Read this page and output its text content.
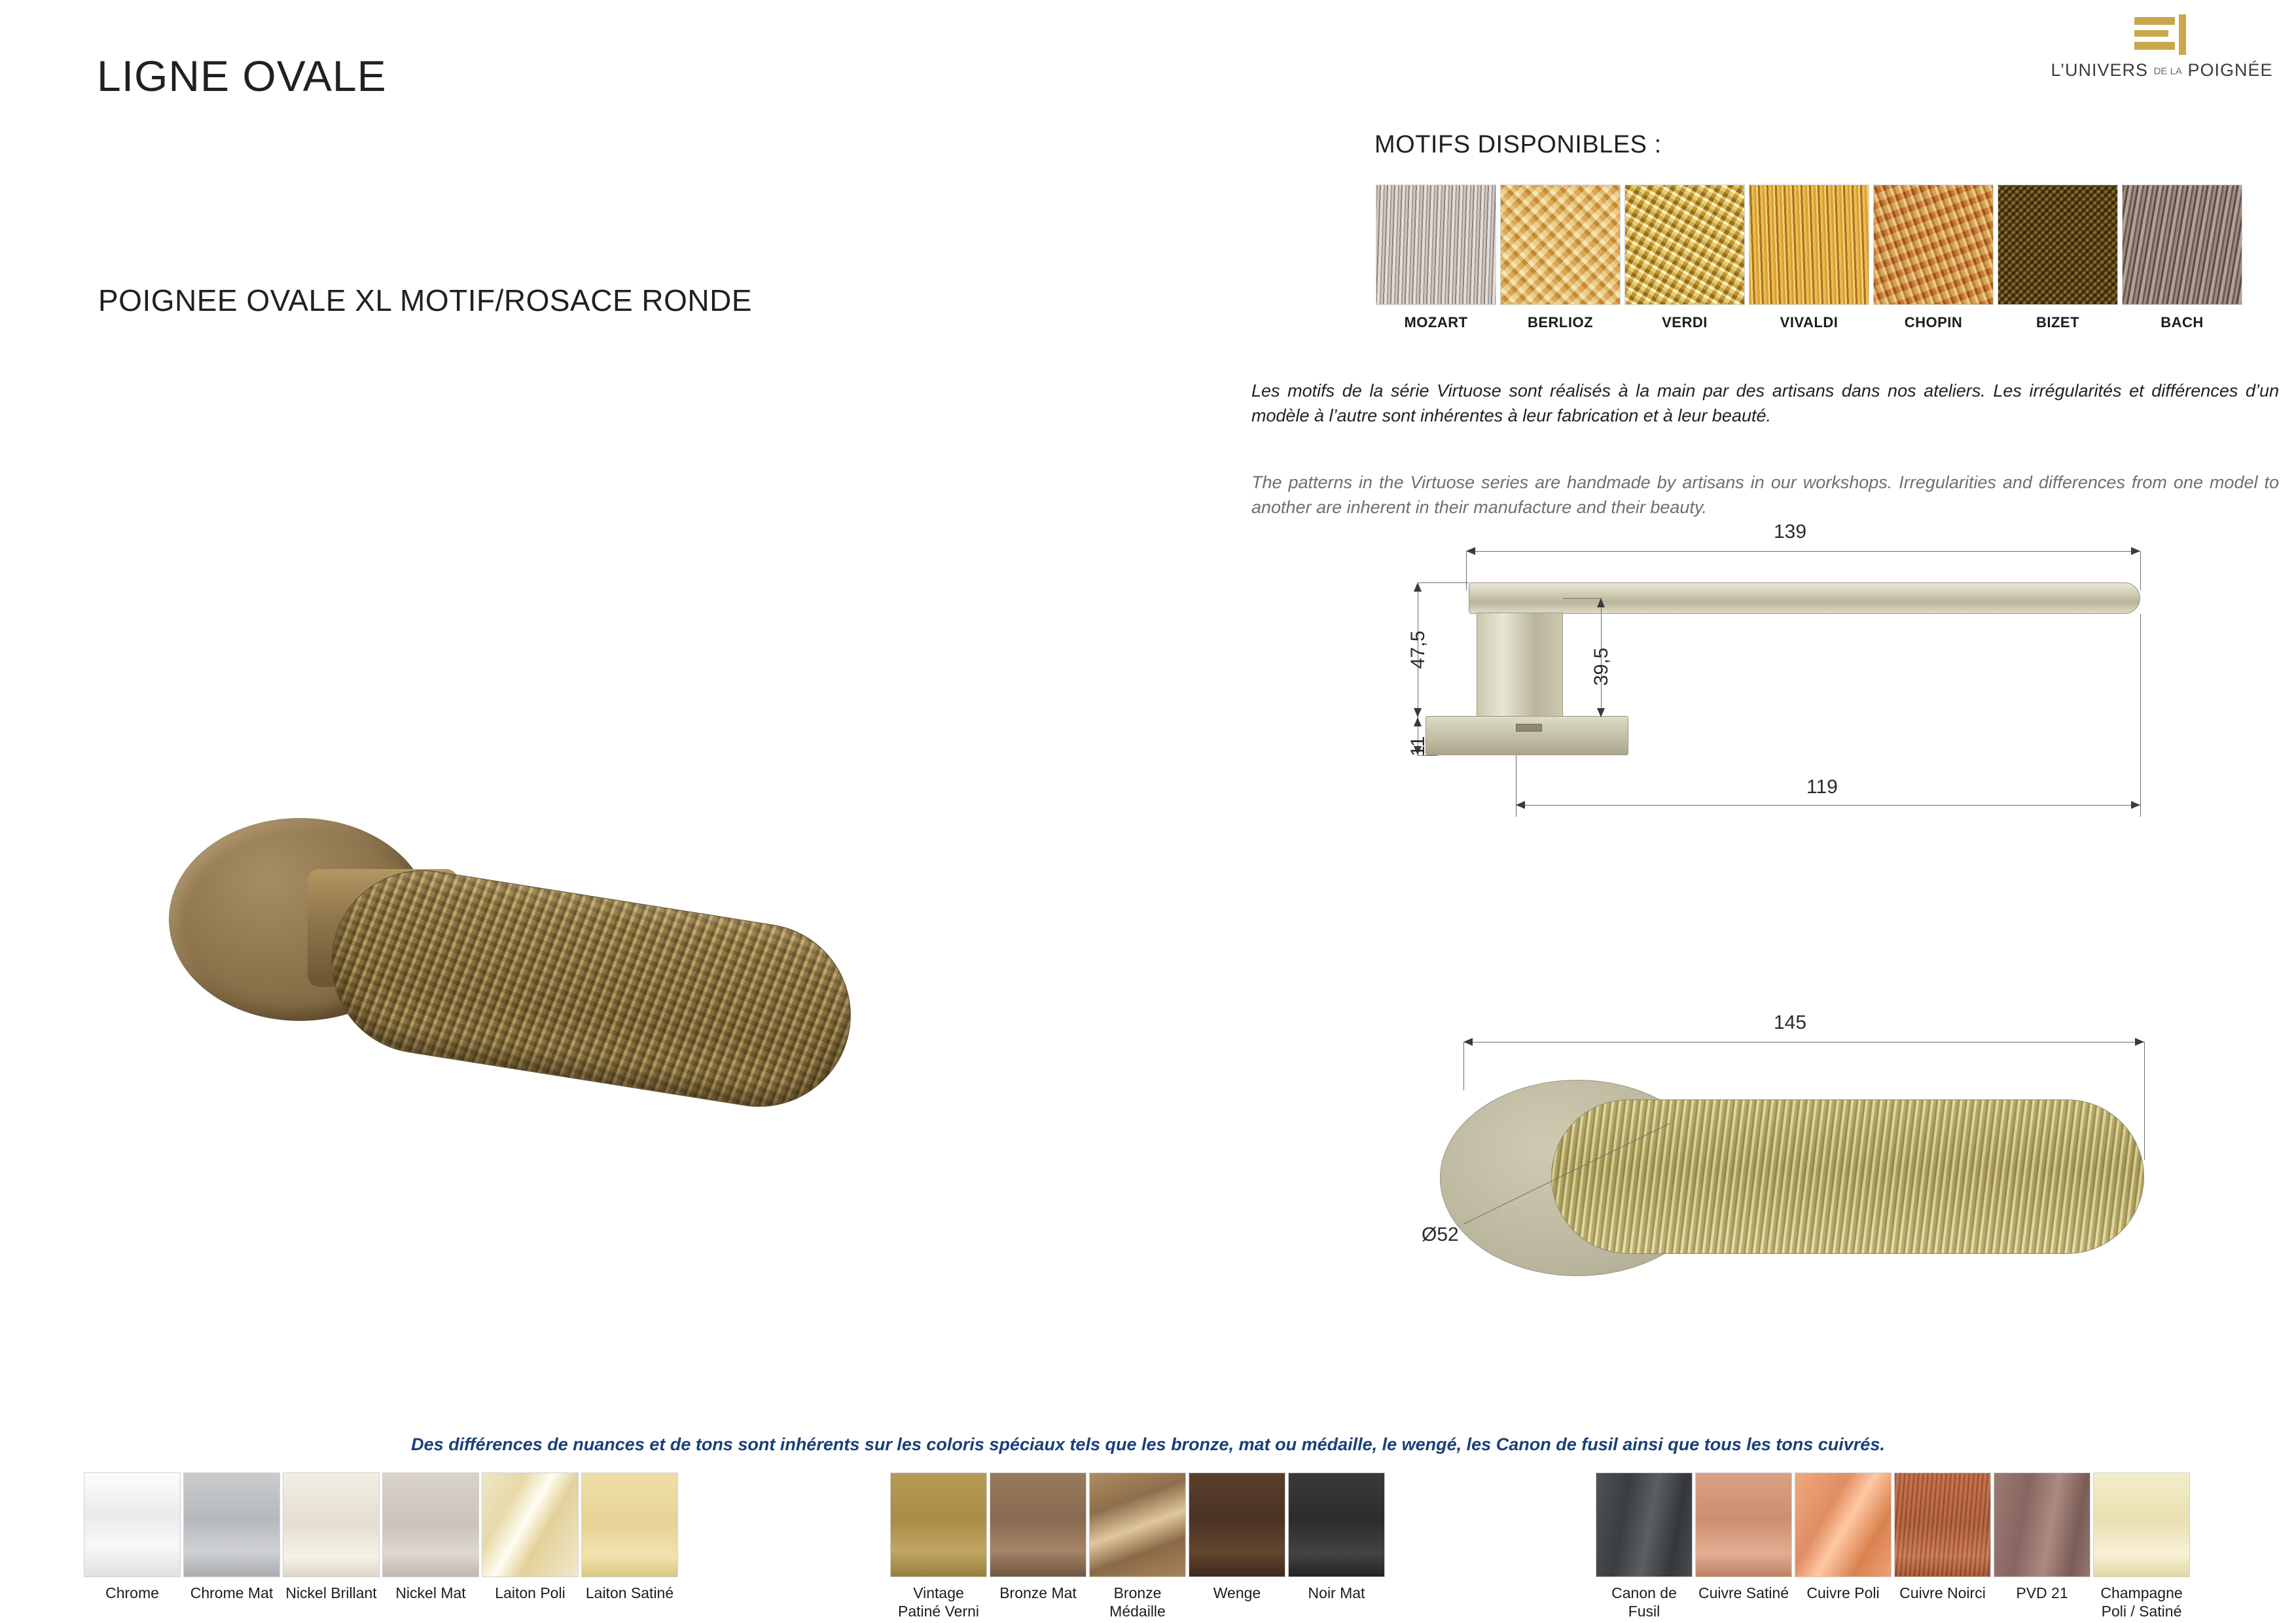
LIGNE OVALE
POIGNEE OVALE XL MOTIF/ROSACE RONDE
L’UNIVERS DE LA POIGNÉE
MOTIFS DISPONIBLES :
MOZART	BERLIOZ	VERDI	VIVALDI	CHOPIN	BIZET	BACH
Les motifs de la série Virtuose sont réalisés à la main par des artisans dans nos ateliers. Les irrégularités et différences d’un modèle à l’autre sont inhérentes à leur fabrication et à leur beauté.
The patterns in the Virtuose series are handmade by artisans in our workshops. Irregularities and differences from one model to another are inherent in their manufacture and their beauty.
139
47,5	39,5
11
119
145
Ø52
Des différences de nuances et de tons sont inhérents sur les coloris spéciaux tels que les bronze, mat ou médaille, le wengé, les Canon de fusil ainsi que tous les tons cuivrés.
Chrome	Chrome Mat Nickel Brillant	Nickel Mat	Laiton Poli	Laiton Satiné	Vintage Patiné Verni
Bronze Mat	Bronze Médaille
Wenge	Noir Mat	Canon de Fusil
Cuivre Satiné	Cuivre Poli	Cuivre Noirci	PVD 21	Champagne Poli / Satiné
